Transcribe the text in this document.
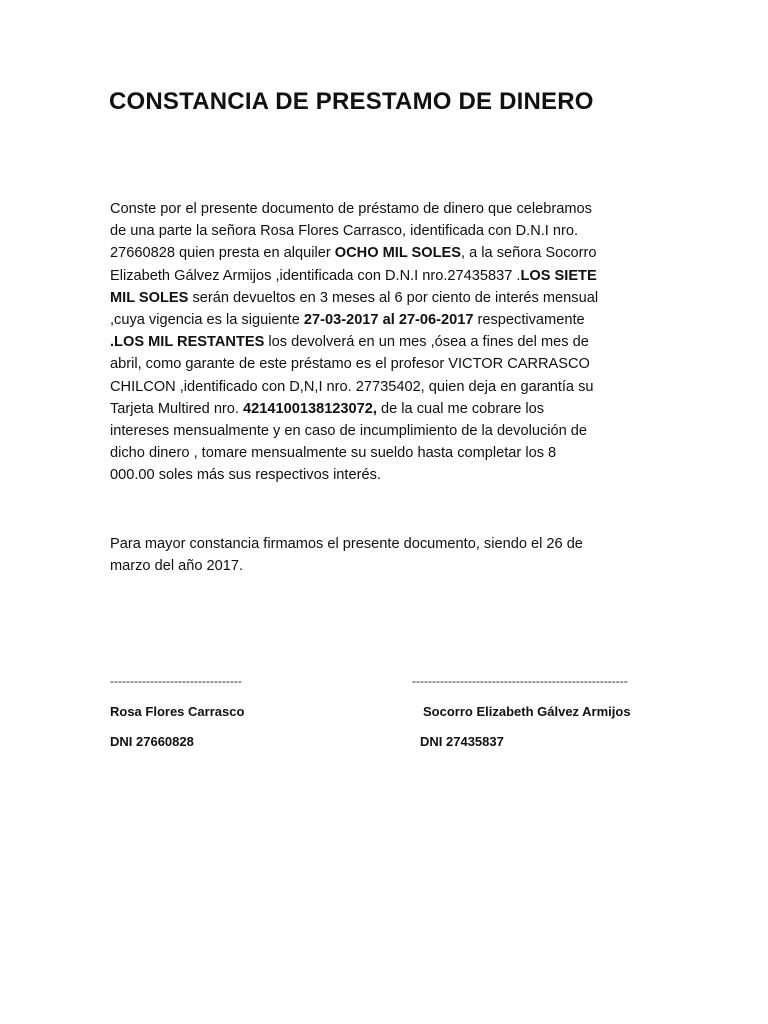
CONSTANCIA DE PRESTAMO DE DINERO
Conste por el presente documento de préstamo de dinero que celebramos
de una parte la señora Rosa Flores Carrasco, identificada con D.N.I nro.
27660828 quien presta en alquiler OCHO MIL SOLES, a la señora Socorro
Elizabeth Gálvez Armijos ,identificada con D.N.I nro.27435837 .LOS SIETE
MIL SOLES serán devueltos en 3 meses al 6 por ciento de interés mensual
,cuya vigencia es la siguiente 27-03-2017 al 27-06-2017 respectivamente
.LOS MIL RESTANTES los devolverá en un mes ,ósea a fines del mes de
abril, como garante de este préstamo es el profesor VICTOR CARRASCO
CHILCON ,identificado con D,N,I nro. 27735402, quien deja en garantía su
Tarjeta Multired nro. 4214100138123072, de la cual me cobrare los
intereses mensualmente y en caso de incumplimiento de la devolución de
dicho dinero , tomare mensualmente su sueldo hasta completar los 8
000.00 soles más sus respectivos interés.
Para mayor constancia firmamos el presente documento, siendo el 26 de
marzo del año 2017.
---------------------------------	------------------------------------------------------
Rosa Flores Carrasco	Socorro Elizabeth Gálvez Armijos
DNI 27660828	DNI 27435837
